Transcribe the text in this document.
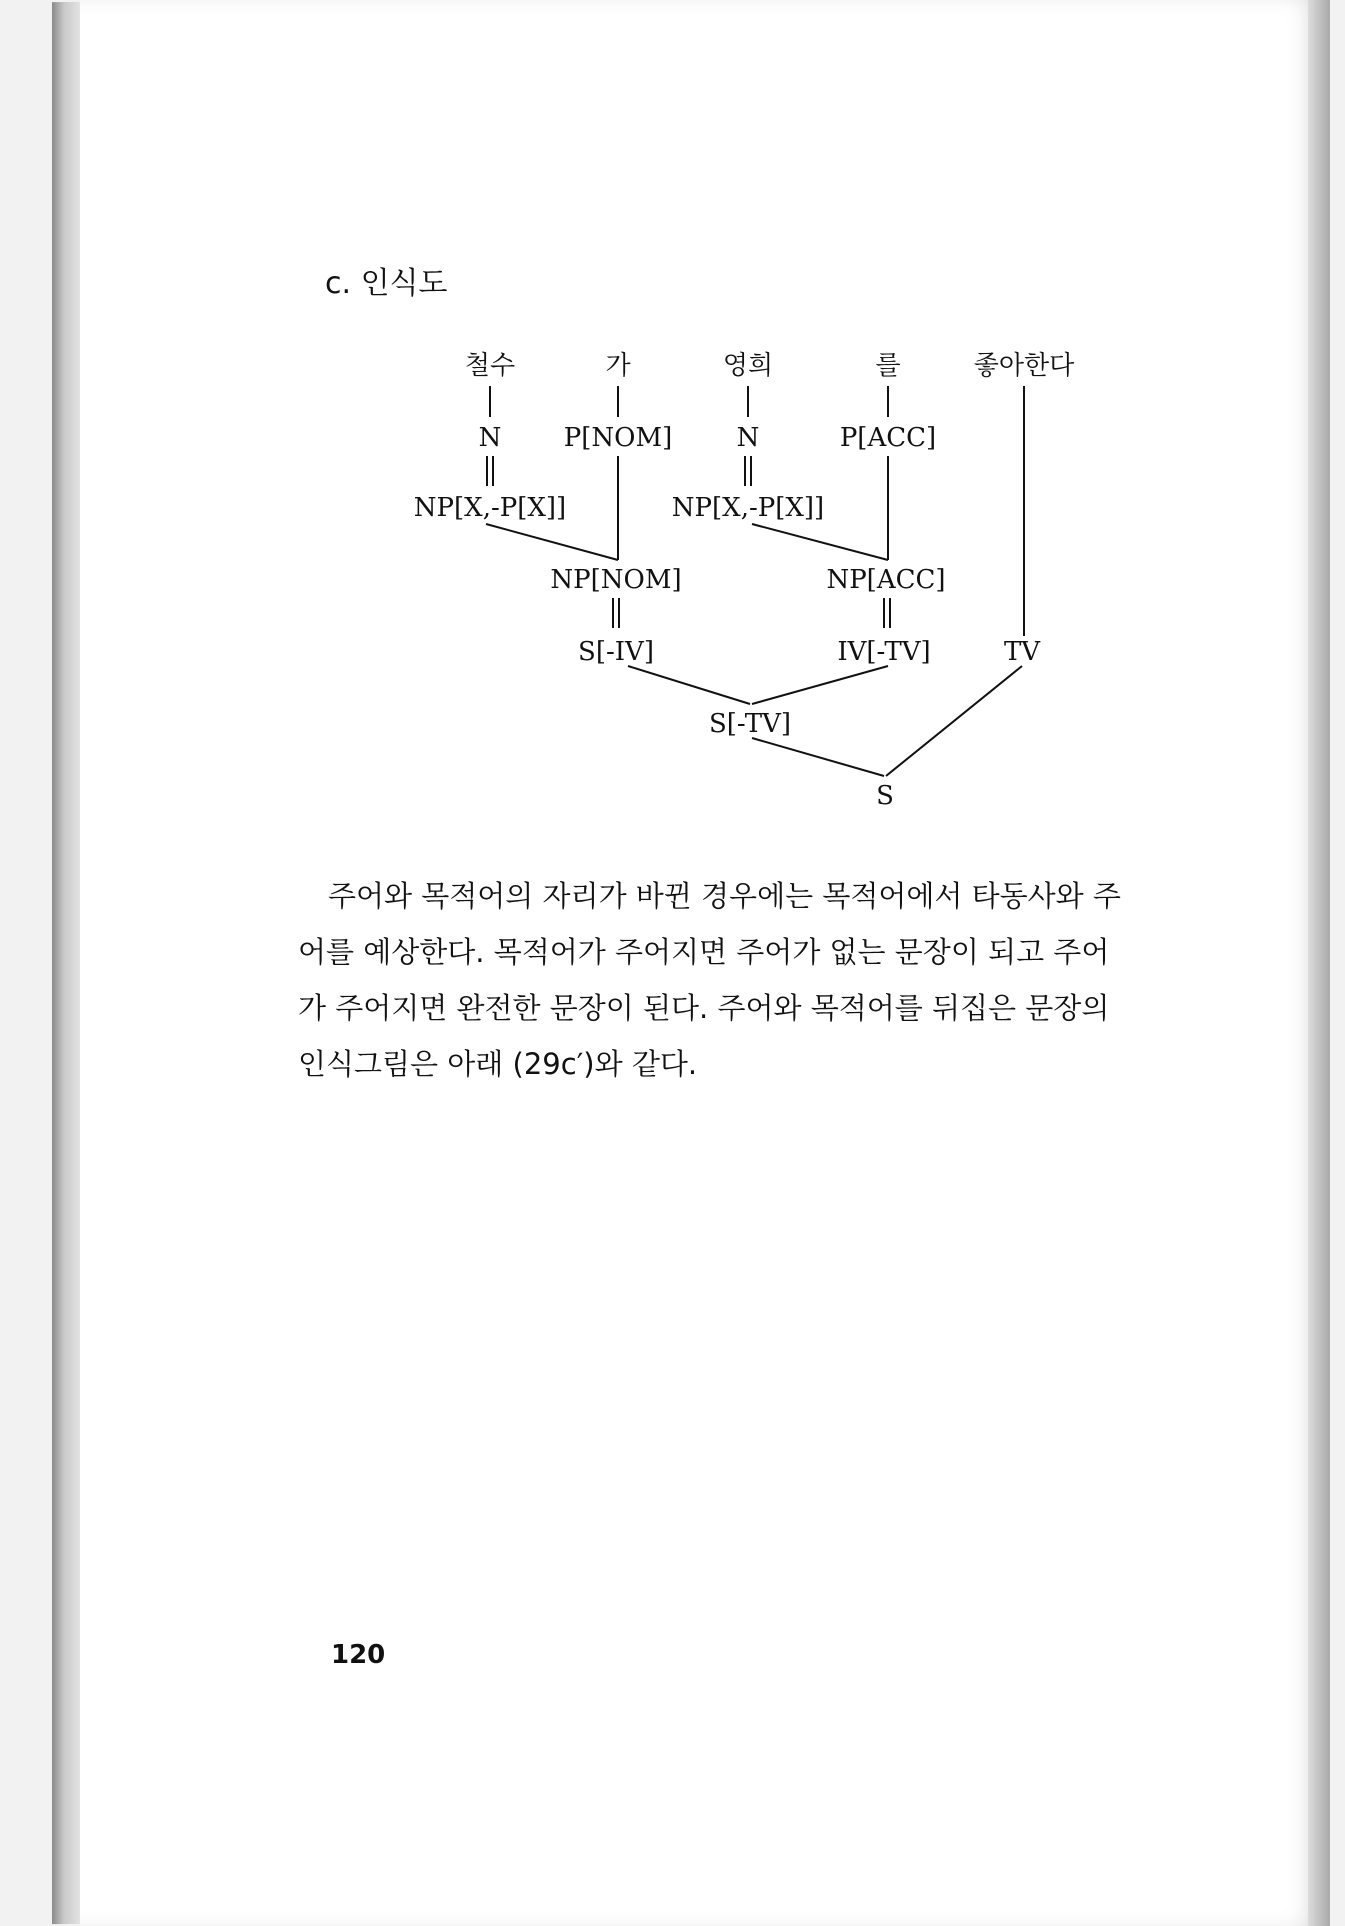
c. 인식도
철수	가	영희	를	좋아한다
N P[NOM] N	P[ACC]
NP[X,-P[X]]	NP[X,-P[X]]
NP[NOM]	NP[ACC]
S[-IV]	IV[-TV]	TV
S[-TV]
S

주어와 목적어의 자리가 바뀐 경우에는 목적어에서 타동사와 주
어를 예상한다. 목적어가 주어지면 주어가 없는 문장이 되고 주어
가 주어지면 완전한 문장이 된다. 주어와 목적어를 뒤집은 문장의
인식그림은 아래 (29c′)와 같다.

120
